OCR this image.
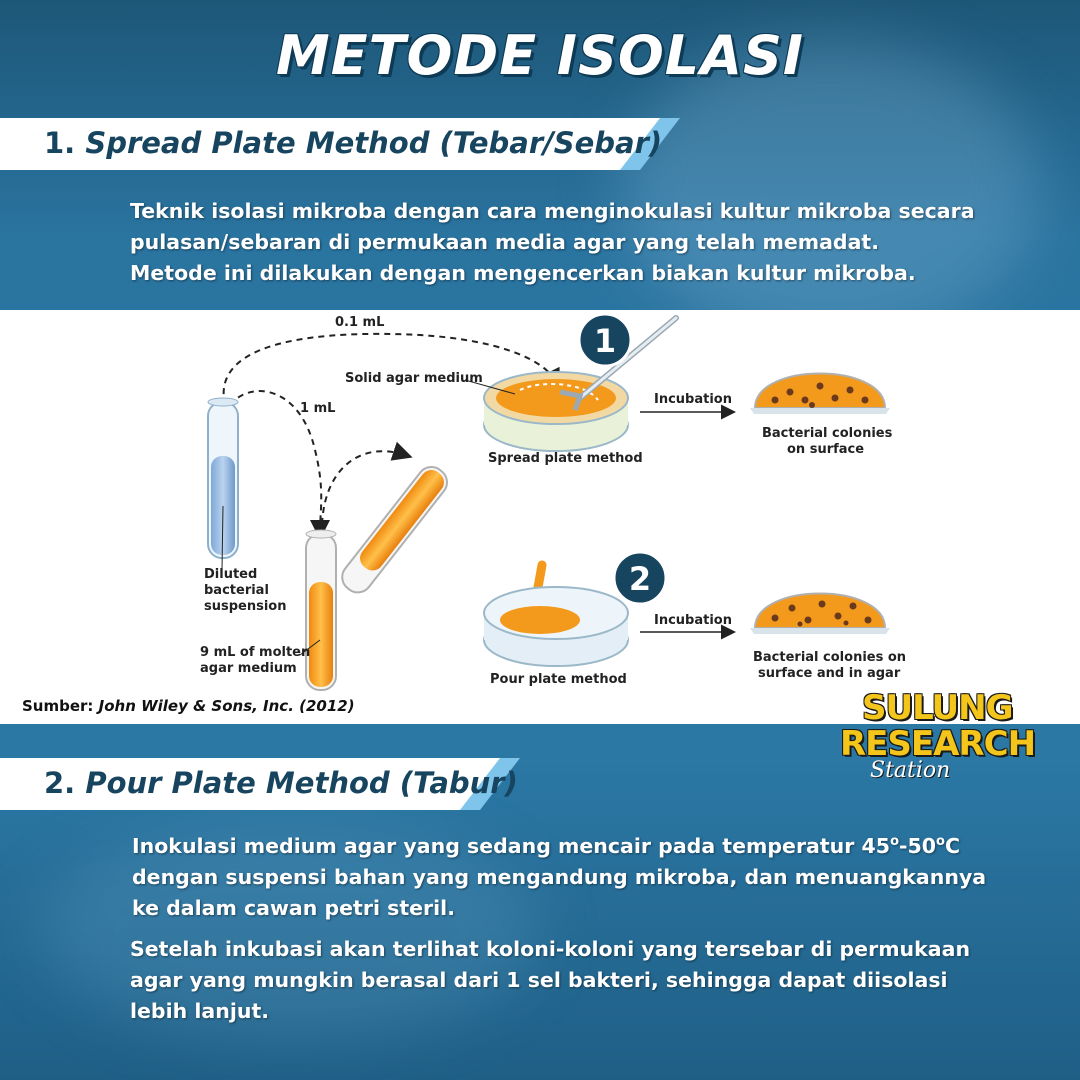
METODE ISOLASI
1. Spread Plate Method (Tebar/Sebar)
Teknik isolasi mikroba dengan cara menginokulasi kultur mikroba secara
pulasan/sebaran di permukaan media agar yang telah memadat.
Metode ini dilakukan dengan mengencerkan biakan kultur mikroba.
1
2
0.1 mL
1 mL
Solid agar medium
Spread plate method
Incubation
Bacterial colonies
on surface
Diluted
bacterial
suspension
9 mL of molten
agar medium
Incubation
Pour plate method
Bacterial colonies on
surface and in agar
Sumber: John Wiley & Sons, Inc. (2012)	SULUNG
RESEARCH
Station
2. Pour Plate Method (Tabur)
Inokulasi medium agar yang sedang mencair pada temperatur 45$^o$-50$^o$C
dengan suspensi bahan yang mengandung mikroba, dan menuangkannya
ke dalam cawan petri steril.
Setelah inkubasi akan terlihat koloni-koloni yang tersebar di permukaan
agar yang mungkin berasal dari 1 sel bakteri, sehingga dapat diisolasi
lebih lanjut.
